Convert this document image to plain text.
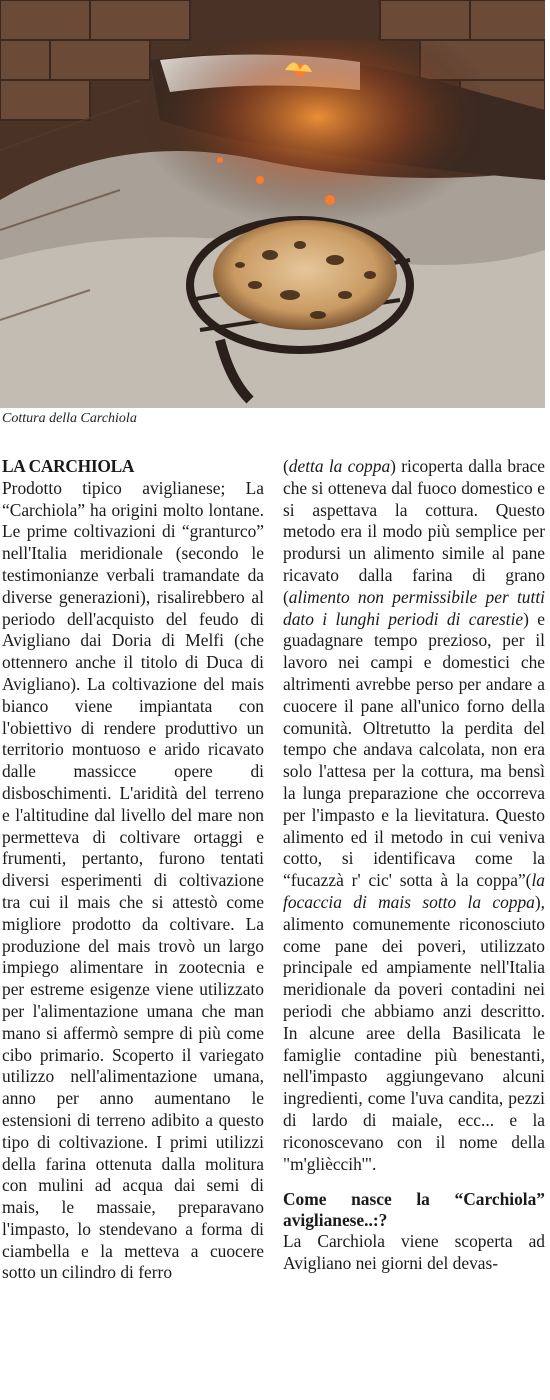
Cottura della Carchiola
LA CARCHIOLA

Prodotto tipico aviglianese; La “Carchiola” ha origini molto lontane. Le prime coltivazioni di “granturco” nell'Italia meridionale (secondo le testimonianze verbali tramandate da diverse generazioni), risalirebbero al periodo dell'acquisto del feudo di Avigliano dai Doria di Melfi (che ottennero anche il titolo di Duca di Avigliano). La coltivazione del mais bianco viene impiantata con l'obiettivo di rendere produttivo un territorio montuoso e arido ricavato dalle massicce opere di disboschimenti. L'aridità del terreno e l'altitudine dal livello del mare non permetteva di coltivare ortaggi e frumenti, pertanto, furono tentati diversi esperimenti di coltivazione tra cui il mais che si attestò come migliore prodotto da coltivare. La produzione del mais trovò un largo impiego alimentare in zootecnia e per estreme esigenze viene utilizzato per l'alimentazione umana che man mano si affermò sempre di più come cibo primario. Scoperto il variegato utilizzo nell'alimentazione umana, anno per anno aumentano le estensioni di terreno adibito a questo tipo di coltivazione. I primi utilizzi della farina ottenuta dalla molitura con mulini ad acqua dai semi di mais, le massaie, preparavano l'impasto, lo stendevano a forma di ciambella e la metteva a cuocere sotto un cilindro di ferro

(detta la coppa) ricoperta dalla brace che si otteneva dal fuoco domestico e si aspettava la cottura. Questo metodo era il modo più semplice per prodursi un alimento simile al pane ricavato dalla farina di grano (alimento non permissibile per tutti dato i lunghi periodi di carestie) e guadagnare tempo prezioso, per il lavoro nei campi e domestici che altrimenti avrebbe perso per andare a cuocere il pane all'unico forno della comunità. Oltretutto la perdita del tempo che andava calcolata, non era solo l'attesa per la cottura, ma bensì la lunga preparazione che occorreva per l'impasto e la lievitatura. Questo alimento ed il metodo in cui veniva cotto, si identificava come la “fucazzà r' cic' sotta à la coppa”(la focaccia di mais sotto la coppa), alimento comunemente riconosciuto come pane dei poveri, utilizzato principale ed ampiamente nell'Italia meridionale da poveri contadini nei periodi che abbiamo anzi descritto. In alcune aree della Basilicata le famiglie contadine più benestanti, nell'impasto aggiungevano alcuni ingredienti, come l'uva candita, pezzi di lardo di maiale, ecc... e la riconoscevano con il nome della "m'glièccih'".

Come nasce la “Carchiola” aviglianese..:?

La Carchiola viene scoperta ad Avigliano nei giorni del devas-
